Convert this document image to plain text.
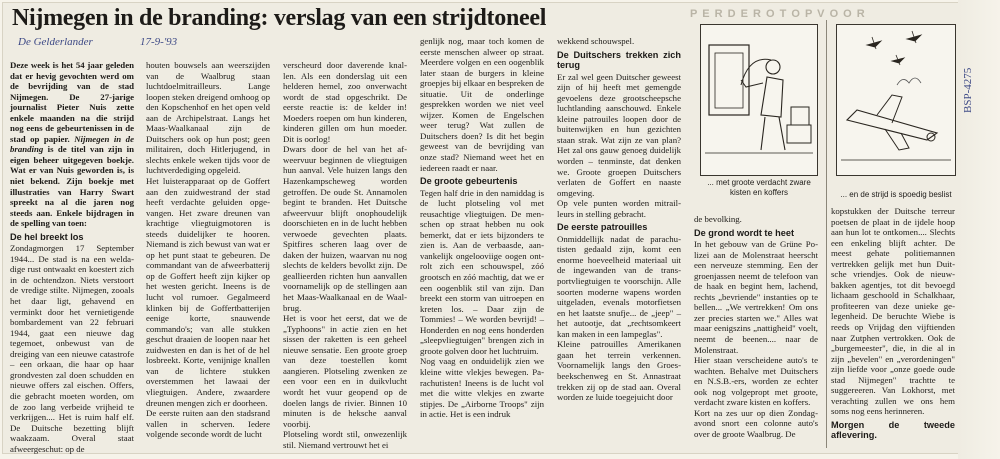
P E R D E R O T O P V O O R
Nijmegen in de branding: verslag van een strijdtoneel
De Gelderlander	17-9-'93

Deze week is het 54 jaar geleden dat er hevig gevochten werd om de bevrijding van de stad Nijmegen. De 27-jarige journalist Pieter Nuis zette enkele maanden na die strijd nog eens de gebeurtenissen in de stad op papier. Nijmegen in de branding is de titel van zijn in eigen beheer uitgegeven boekje. Wat er van Nuis geworden is, is niet bekend. Zijn boekje met illustraties van Harry Swart spreekt na al die jaren nog steeds aan. Enkele bijdragen in de spelling van toen:

De hel breekt los

Zondagmorgen 17 September 1944... De stad is na een weldadige rust ontwaakt en koestert zich in de ochtendzon. Niets verstoort de vredige stilte. Nijmegen, zooals het daar ligt, gehavend en verminkt door het vernietigende bombardement van 22 februari 1944, gaat een nieuwe dag tegemoet, onbewust van de dreiging van een nieuwe catastrofe – een orkaan, die haar op haar grondvesten zal doen schudden en nieuwe offers zal eischen. Offers, die gebracht moeten worden, om de zoo lang verbeide vrijheid te verkrijgen.... Het is ruim half elf. De Duitsche bezetting blijft waakzaam. Overal staat afweergeschut: op de

houten bouwsels aan weerszijden van de Waalbrug staan luchtdoelmitrailleurs. Lange loopen steken dreigend omhoog op den Kopschenhof en het open veld aan de Archipelstraat. Langs het Maas-Waalkanaal zijn de Duitschers ook op hun post; geen militairen, doch Hitlerjugend, in slechts enkele weken tijds voor de luchtverdediging opgeleid.

Het luisterapparaat op de Goffert aan den zuidwestrand der stad heeft verdachte geluiden opgevangen. Het zware dreunen van krachtige vliegtuigmotoren is steeds duidelijker te hooren. Niemand is zich bewust van wat er op het punt staat te gebeuren. De commandant van de afweerbatterij op de Goffert heeft zijn kijker op het westen gericht. Ineens is de lucht vol rumoer. Gegalmeerd klinken bij de Goffertbatterijen eenige korte, snauwende commando's; van alle stukken geschut draaien de loopen naar het zuidwesten en dan is het of de hel losbreekt. Korte, venijnige knallen van de lichtere stukken overstemmen het lawaai der vliegtuigen. Andere, zwaardere dreunen mengen zich er doorheen.

De eerste ruiten aan den stadsrand vallen in scherven. Iedere volgende seconde wordt de lucht

verscheurd door daverende knallen. Als een donderslag uit een helderen hemel, zoo onverwacht wordt de stad opgeschrikt. De eerste reactie is: de kelder in! Moeders roepen om hun kinderen, kinderen gillen om hun moeder. Dit is oorlog!

Dwars door de hel van het afweervuur beginnen de vliegtuigen hun aanval. Vele huizen langs den Hazenkampscheweg worden getroffen. De oude St. Annamolen begint te branden. Het Duitsche afweervuur blijft onophoudelijk doorschieten en in de lucht hebben verwoede gevechten plaats. Spitfires scheren laag over de daken der huizen, waarvan nu nog slechts de kelders bevolkt zijn. De geallieerden richten hun aanvallen voornamelijk op de stellingen aan het Maas-Waalkanaal en de Waalbrug.

Het is voor het eerst, dat we de „Typhoons" in actie zien en het sissen der raketten is een geheel nieuwe sensatie. Een groote groep van deze toestellen komt aangieren. Plotseling zwenken ze een voor een en in duikvlucht wordt het vuur geopend op de doelen langs de rivier. Binnen 10 minuten is de heksche aanval voorbij.

Plotseling wordt stil, onwezenlijk stil. Niemand vertrouwt het ei

genlijk nog, maar toch komen de eerste menschen alweer op straat. Meerdere volgen en een oogenblik later staan de burgers in kleine groepjes bij elkaar en bespreken de situatie. Uit de onderlinge gesprekken worden we niet veel wijzer. Komen de Engelschen weer terug? Wat zullen de Duitschers doen? Is dit het begin geweest van de bevrijding van onze stad? Niemand weet het en iedereen raadt er naar.

De groote gebeurtenis

Tegen half drie in den namiddag is de lucht plotseling vol met reusachtige vliegtuigen. De menschen op straat hebben nu ook bemerkt, dat er iets bijzonders te zien is. Aan de verbaasde, aanvankelijk ongelooviige oogen ontrolt zich een schouwspel, zóó grootsch en zóó machtig, dat we er een oogenblik stil van zijn. Dan breekt een storm van uitroepen en kreten los. – Daar zijn de Tommies! – We worden bevrijd! – Honderden en nog eens honderden „sleepvliegtuigen" brengen zich in groote golven door het luchtruim.

Nog vaag en onduidelijk zien we kleine witte vlekjes bewegen. Parachutisten! Ineens is de lucht vol met die witte vlekjes en zwarte stipjes. De „Airborne Troops" zijn in actie. Het is een indruk

wekkend schouwspel.

De Duitschers trekken zich terug

Er zal wel geen Duitscher geweest zijn of hij heeft met gemengde gevoelens deze grootscheepsche luchtlanding aanschouwd. Enkele kleine patrouiles loopen door de buitenwijken en hun gezichten staan strak. Wat zijn ze van plan? Het zal ons gauw genoeg duidelijk worden – tenminste, dat denken we. Groote groepen Duitschers verlaten de Goffert en naaste omgeving.

Op vele punten worden mitrailleurs in stelling gebracht.

De eerste patrouilles

Onmiddellijk nadat de parachutisten gedaald zijn, komt een enorme hoeveelheid materiaal uit de ingewanden van de transportvliegtuigen te voorschijn. Alle soorten moderne wapens worden uitgeladen, evenals motorfietsen en het laatste snufje... de „jeep" – het autootje, dat „rechtsomkeert kan maken in een lampeglas".

Kleine patrouilles Amerikanen gaan het terrein verkennen. Voornamelijk langs den Groesbeekschenweg en St. Annastraat trekken zij op de stad aan. Overal worden ze luide toegejuicht door

... met groote verdacht zware kisten en koffers	... en de strijd is spoedig beslist
BSP-4275

de bevolking.

De grond wordt te heet

In het gebouw van de Grüne Polizei aan de Molenstraat heerscht een nerveuze stemming. Een der groenjassen neemt de telefoon van de haak en begint hem, lachend, rechts „bevriende" instanties op te bellen... „We vertrekken! Om ons zer precies starten we." Alles wat maar eenigszins „nattigheid" voelt, neemt de beenen.... naar de Molenstraat.

Hier staan verscheidene auto's te wachten. Behalve met Duitschers en N.S.B.-ers, worden ze echter ook nog volgepropt met groote, verdacht zware kisten en koffers.

Kort na zes uur op dien Zondagavond snort een colonne auto's over de groote Waalbrug. De

kopstukken der Duitsche terreur poetsen de plaat in de ijdele hoop aan hun lot te ontkomen.... Slechts een enkeling blijft achter. De meest gehate politiemannen vertrekken gelijk met hun Duitsche vriendjes. Ook de nieuwbakken agentjes, tot dit bevoegd lichaam geschoold in Schalkhaar, profiteeren van deze unieke gelegenheid. De beruchte Wiebe is reeds op Vrijdag den vijftienden naar Zutphen vertrokken. Ook de „burgemeester", die, in die al in zijn „bevelen" en „verordeningen" zijn liefde voor „onze goede oude stad Nijmegen" trachtte te suggereeren. Van Lokhorst, met verachting zullen we ons hem soms nog eens herinneren.

Morgen de tweede aflevering.
